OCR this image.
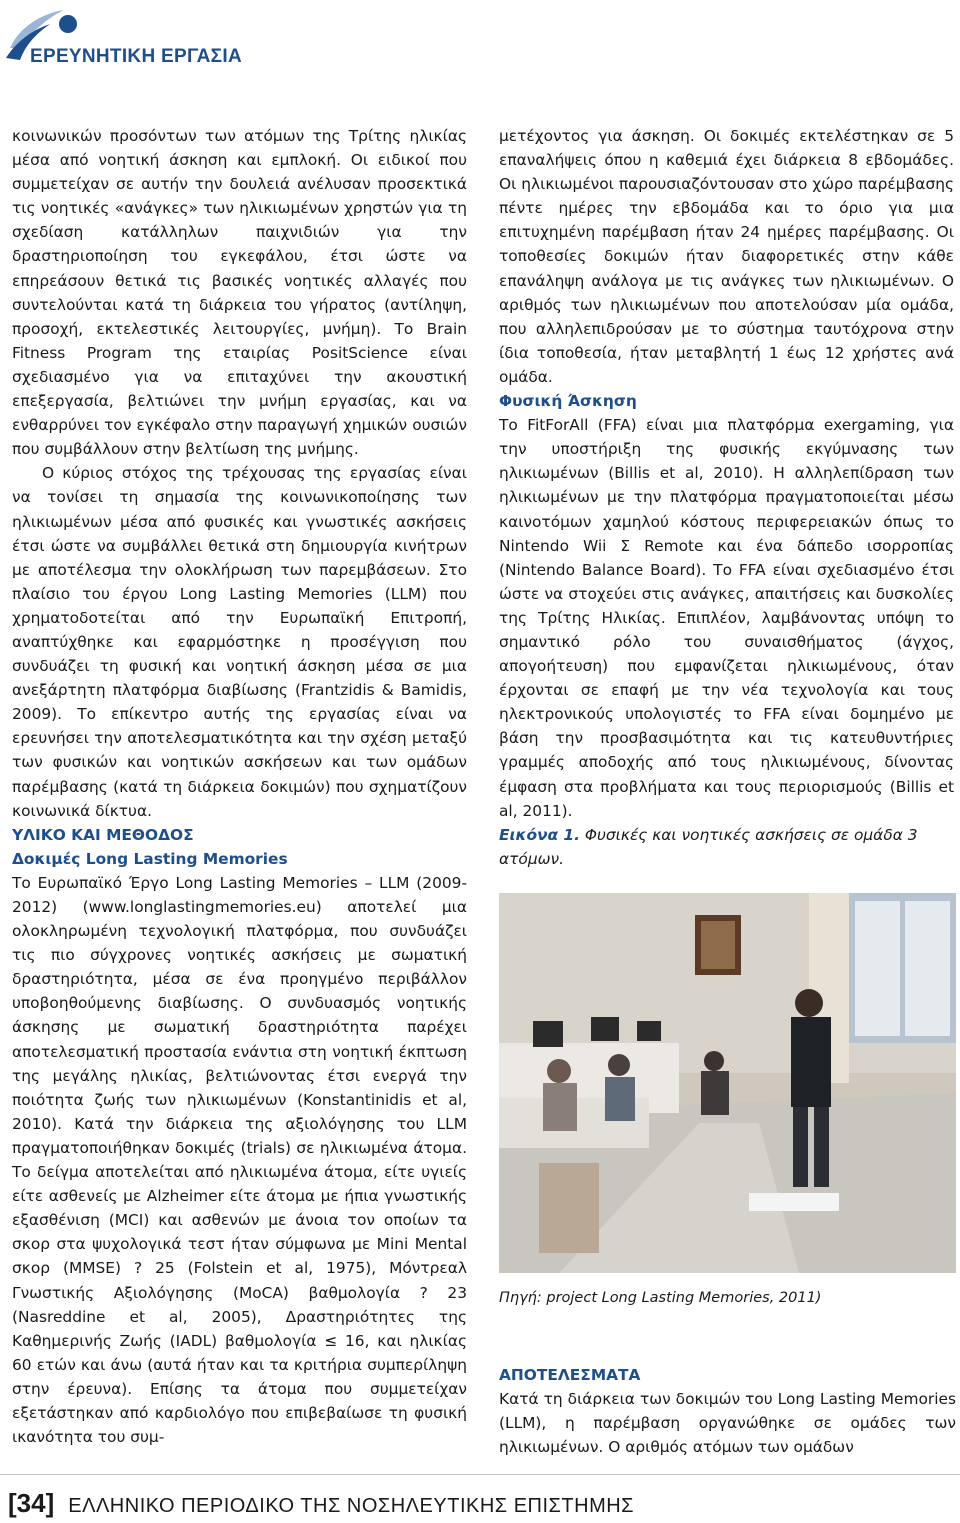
ΕΡΕΥΝΗΤΙΚΗ ΕΡΓΑΣΙΑ

κοινωνικών προσόντων των ατόμων της Τρίτης ηλικίας μέσα από νοητική άσκηση και εμπλοκή. Οι ειδικοί που συμμετείχαν σε αυτήν την δουλειά ανέλυσαν προσεκτικά τις νοητικές «ανάγκες» των ηλικιωμένων χρηστών για τη σχεδίαση κατάλληλων παιχνιδιών για την δραστηριοποίηση του εγκεφάλου, έτσι ώστε να επηρεάσουν θετικά τις βασικές νοητικές αλλαγές που συντελούνται κατά τη διάρκεια του γήρατος (αντίληψη, προσοχή, εκτελεστικές λειτουργίες, μνήμη). Το Brain Fitness Program της εταιρίας PositScience είναι σχεδιασμένο για να επιταχύνει την ακουστική επεξεργασία, βελτιώνει την μνήμη εργασίας, και να ενθαρρύνει τον εγκέφαλο στην παραγωγή χημικών ουσιών που συμβάλλουν στην βελτίωση της μνήμης.

Ο κύριος στόχος της τρέχουσας της εργασίας είναι να τονίσει τη σημασία της κοινωνικοποίησης των ηλικιωμένων μέσα από φυσικές και γνωστικές ασκήσεις έτσι ώστε να συμβάλλει θετικά στη δημιουργία κινήτρων με αποτέλεσμα την ολοκλήρωση των παρεμβάσεων. Στο πλαίσιο του έργου Long Lasting Memories (LLM) που χρηματοδοτείται από την Ευρωπαϊκή Επιτροπή, αναπτύχθηκε και εφαρμόστηκε η προσέγγιση που συνδυάζει τη φυσική και νοητική άσκηση μέσα σε μια ανεξάρτητη πλατφόρμα διαβίωσης (Frantzidis & Bamidis, 2009). Το επίκεντρο αυτής της εργασίας είναι να ερευνήσει την αποτελεσματικότητα και την σχέση μεταξύ των φυσικών και νοητικών ασκήσεων και των ομάδων παρέμβασης (κατά τη διάρκεια δοκιμών) που σχηματίζουν κοινωνικά δίκτυα.

ΥΛΙΚΟ ΚΑΙ ΜΕΘΟΔΟΣ

Δοκιμές Long Lasting Memories

Το Ευρωπαϊκό Έργο Long Lasting Memories – LLM (2009-2012) (www.longlastingmemories.eu) αποτελεί μια ολοκληρωμένη τεχνολογική πλατφόρμα, που συνδυάζει τις πιο σύγχρονες νοητικές ασκήσεις με σωματική δραστηριότητα, μέσα σε ένα προηγμένο περιβάλλον υποβοηθούμενης διαβίωσης. Ο συνδυασμός νοητικής άσκησης με σωματική δραστηριότητα παρέχει αποτελεσματική προστασία ενάντια στη νοητική έκπτωση της μεγάλης ηλικίας, βελτιώνοντας έτσι ενεργά την ποιότητα ζωής των ηλικιωμένων (Konstantinidis et al, 2010). Κατά την διάρκεια της αξιολόγησης του LLM πραγματοποιήθηκαν δοκιμές (trials) σε ηλικιωμένα άτομα. Το δείγμα αποτελείται από ηλικιωμένα άτομα, είτε υγιείς είτε ασθενείς με Alzheimer είτε άτομα με ήπια γνωστικής εξασθένιση (MCI) και ασθενών με άνοια τον οποίων τα σκορ στα ψυχολογικά τεστ ήταν σύμφωνα με Mini Mental σκορ (MMSE) ? 25 (Folstein et al, 1975), Μόντρεαλ Γνωστικής Αξιολόγησης (MoCA) βαθμολογία ? 23 (Nasreddine et al, 2005), Δραστηριότητες της Καθημερινής Ζωής (IADL) βαθμολογία ≤ 16, και ηλικίας 60 ετών και άνω (αυτά ήταν και τα κριτήρια συμπερίληψη στην έρευνα). Επίσης τα άτομα που συμμετείχαν εξετάστηκαν από καρδιολόγο που επιβεβαίωσε τη φυσική ικανότητα του συμ-

μετέχοντος για άσκηση. Οι δοκιμές εκτελέστηκαν σε 5 επαναλήψεις όπου η καθεμιά έχει διάρκεια 8 εβδομάδες. Οι ηλικιωμένοι παρουσιαζόντουσαν στο χώρο παρέμβασης πέντε ημέρες την εβδομάδα και το όριο για μια επιτυχημένη παρέμβαση ήταν 24 ημέρες παρέμβασης. Οι τοποθεσίες δοκιμών ήταν διαφορετικές στην κάθε επανάληψη ανάλογα με τις ανάγκες των ηλικιωμένων. Ο αριθμός των ηλικιωμένων που αποτελούσαν μία ομάδα, που αλληλεπιδρούσαν με το σύστημα ταυτόχρονα στην ίδια τοποθεσία, ήταν μεταβλητή 1 έως 12 χρήστες ανά ομάδα.

Φυσική Άσκηση

Το FitForAll (FFA) είναι μια πλατφόρμα exergaming, για την υποστήριξη της φυσικής εκγύμνασης των ηλικιωμένων (Billis et al, 2010). Η αλληλεπίδραση των ηλικιωμένων με την πλατφόρμα πραγματοποιείται μέσω καινοτόμων χαμηλού κόστους περιφερειακών όπως το Nintendo Wii Σ Remote και ένα δάπεδο ισορροπίας (Nintendo Balance Board). Το FFA είναι σχεδιασμένο έτσι ώστε να στοχεύει στις ανάγκες, απαιτήσεις και δυσκολίες της Τρίτης Ηλικίας. Επιπλέον, λαμβάνοντας υπόψη το σημαντικό ρόλο του συναισθήματος (άγχος, απογοήτευση) που εμφανίζεται ηλικιωμένους, όταν έρχονται σε επαφή με την νέα τεχνολογία και τους ηλεκτρονικούς υπολογιστές το FFA είναι δομημένο με βάση την προσβασιμότητα και τις κατευθυντήριες γραμμές αποδοχής από τους ηλικιωμένους, δίνοντας έμφαση στα προβλήματα και τους περιορισμούς (Billis et al, 2011).

Εικόνα 1. Φυσικές και νοητικές ασκήσεις σε ομάδα 3 ατόμων.

Πηγή: project Long Lasting Memories, 2011)

ΑΠΟΤΕΛΕΣΜΑΤΑ

Κατά τη διάρκεια των δοκιμών του Long Lasting Memories (LLM), η παρέμβαση οργανώθηκε σε ομάδες των ηλικιωμένων. Ο αριθμός ατόμων των ομάδων

[34] ΕΛΛΗΝΙΚΟ ΠΕΡΙΟΔΙΚΟ ΤΗΣ ΝΟΣΗΛΕΥΤΙΚΗΣ ΕΠΙΣΤΗΜΗΣ
